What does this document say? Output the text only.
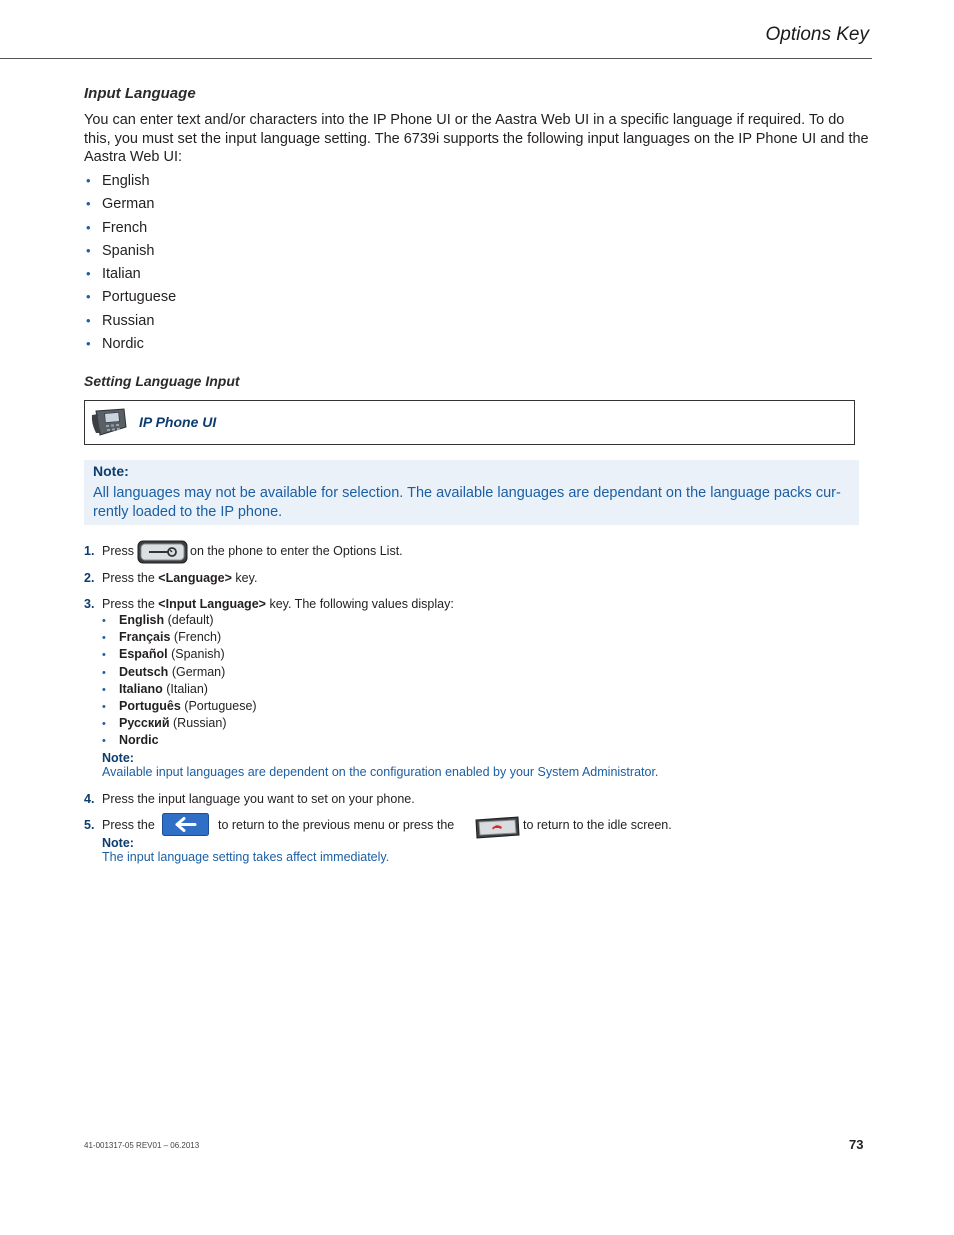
Options Key
Input Language
You can enter text and/or characters into the IP Phone UI or the Aastra Web UI in a specific language if required. To do this, you must set the input language setting. The 6739i supports the following input languages on the IP Phone UI and the Aastra Web UI:
• English
• German
• French
• Spanish
• Italian
• Portuguese
• Russian
• Nordic
Setting Language Input
IP Phone UI
Note:
All languages may not be available for selection. The available languages are dependant on the language packs cur-rently loaded to the IP phone.
1. Press	on the phone to enter the Options List.
2. Press the <Language> key.
3. Press the <Input Language> key. The following values display:
• English (default)
• Français (French)
• Español (Spanish)
• Deutsch (German)
• Italiano (Italian)
• Português (Portuguese)
• Русский (Russian)
• Nordic
Note:
Available input languages are dependent on the configuration enabled by your System Administrator.
4. Press the input language you want to set on your phone.
5. Press the	to return to the previous menu or press the	to return to the idle screen.
Note:
The input language setting takes affect immediately.
41-001317-05 REV01 – 06.2013	73
